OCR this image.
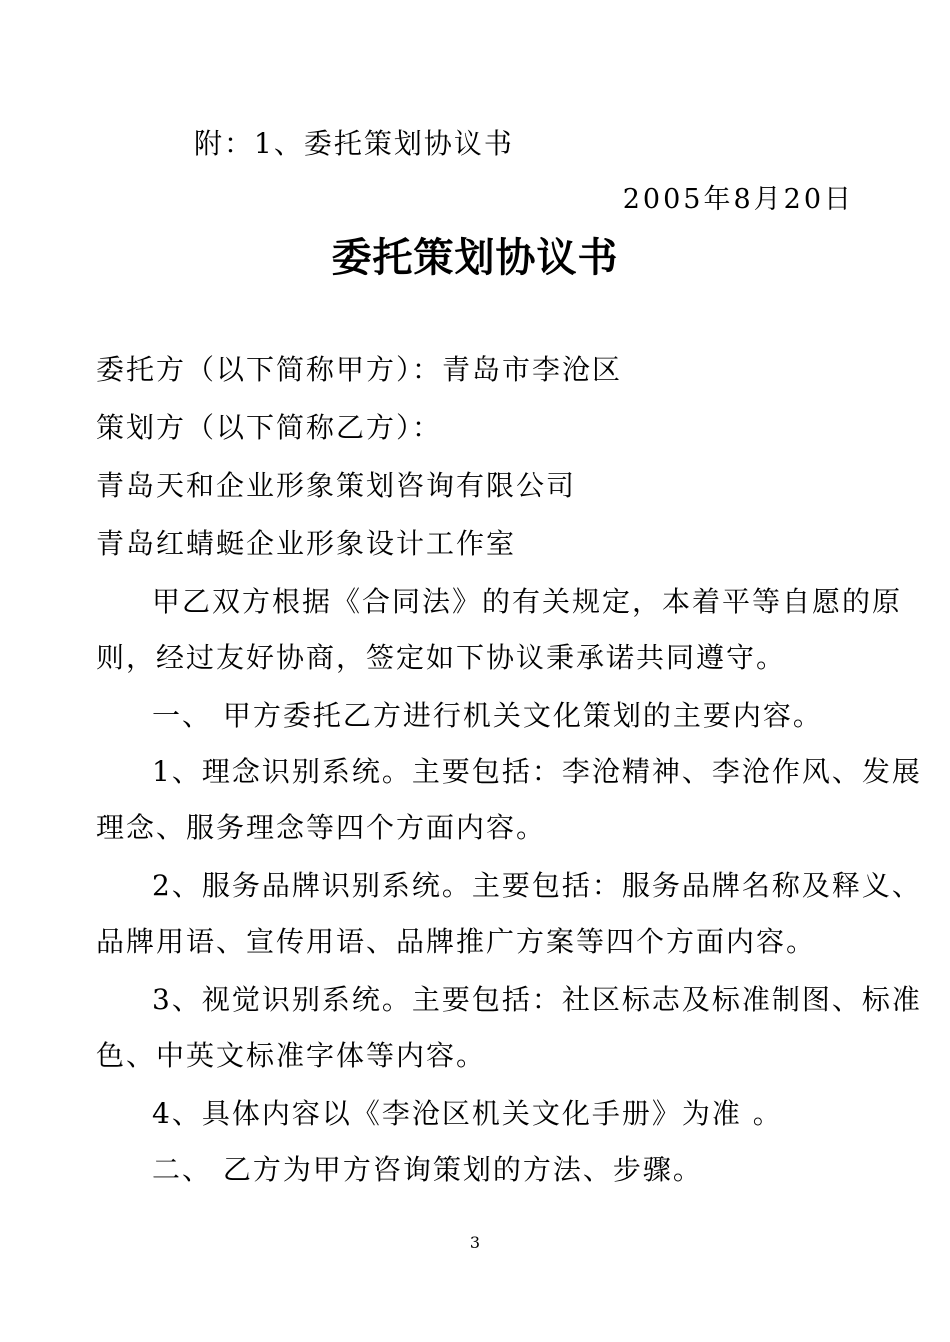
附：1、委托策划协议书
2005年8月20日
委托策划协议书
委托方（以下简称甲方）：青岛市李沧区
策划方（以下简称乙方）：
青岛天和企业形象策划咨询有限公司
青岛红蜻蜓企业形象设计工作室
甲乙双方根据《合同法》的有关规定，本着平等自愿的原
则，经过友好协商，签定如下协议秉承诺共同遵守。
一、 甲方委托乙方进行机关文化策划的主要内容。
1、理念识别系统。主要包括：李沧精神、李沧作风、发展
理念、服务理念等四个方面内容。
2、服务品牌识别系统。主要包括：服务品牌名称及释义、
品牌用语、宣传用语、品牌推广方案等四个方面内容。
3、视觉识别系统。主要包括：社区标志及标准制图、标准
色、中英文标准字体等内容。
4、具体内容以《李沧区机关文化手册》为准 。
二、 乙方为甲方咨询策划的方法、步骤。
3
